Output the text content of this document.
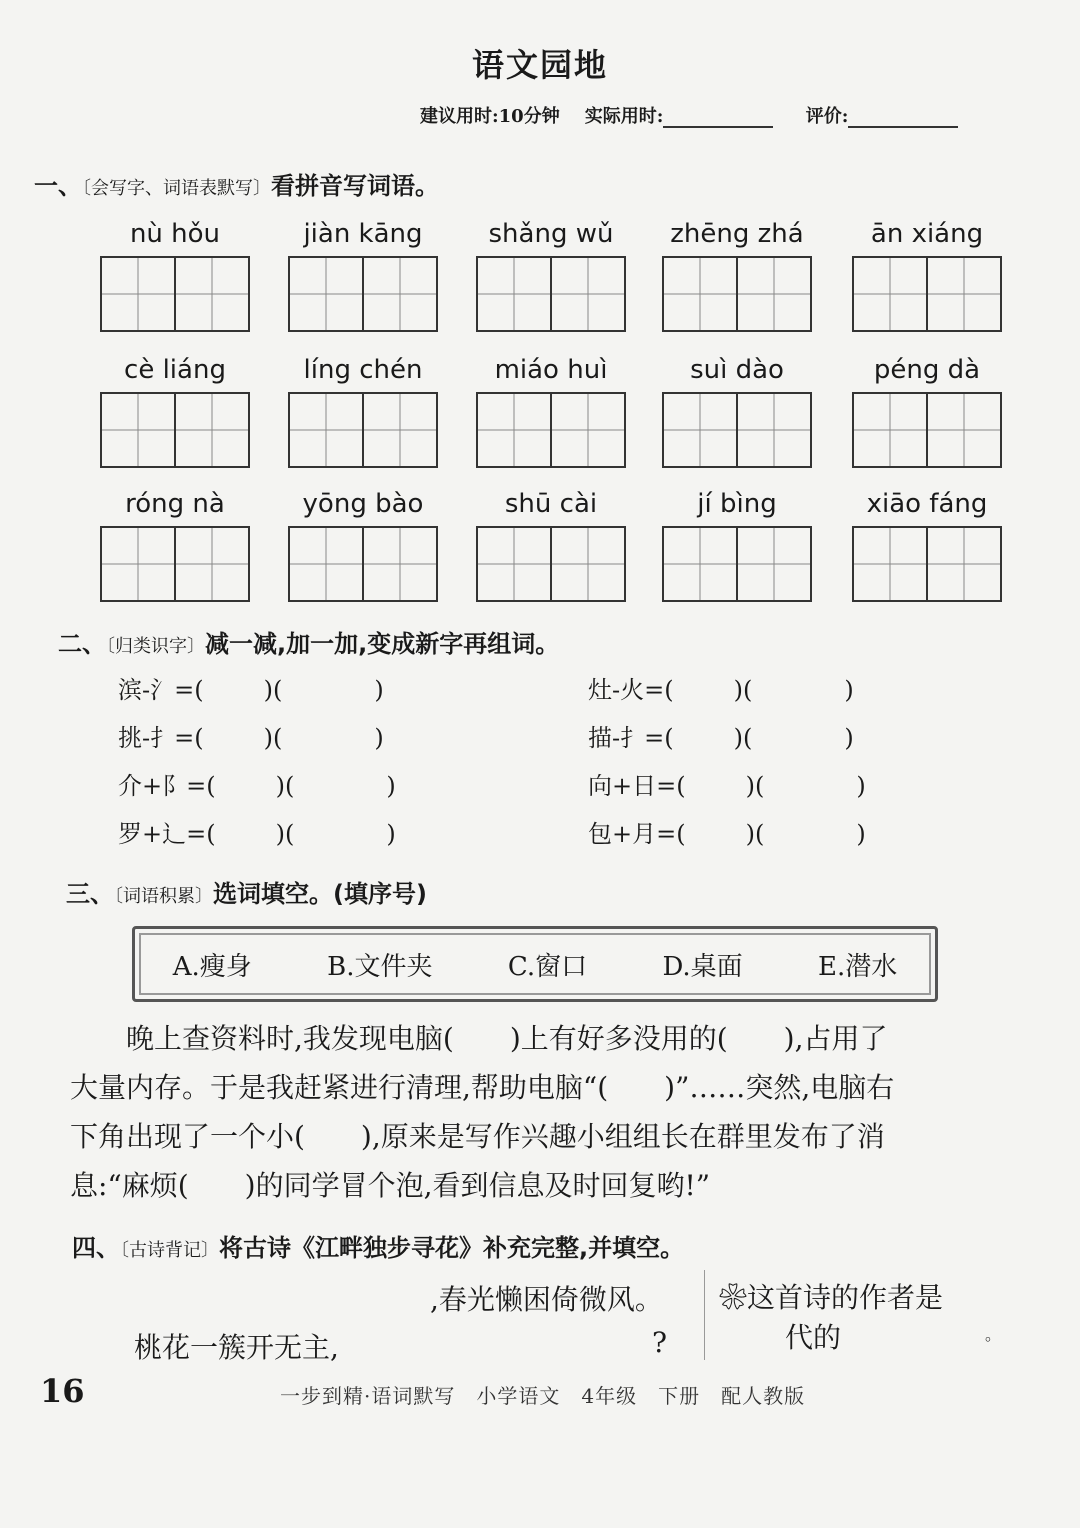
语文园地
建议用时:10分钟 实际用时:	评价:
一、〔会写字、词语表默写〕看拼音写词语。
nù hǒu	jiàn kāng	shǎng wǔ	zhēng zhá	ān xiáng
cè liáng	líng chén	miáo huì	suì dào	péng dà
róng nà	yōng bào	shū cài	jí bìng	xiāo fáng
二、〔归类识字〕减一减,加一加,变成新字再组词。
滨-氵=(	)(	)
挑-扌=(	)(	)
介+阝=(	)(	)
罗+辶=(	)(	)
灶-火=(	)(	)
描-扌=(	)(	)
向+日=(	)(	)
包+月=(	)(	)
三、〔词语积累〕选词填空。(填序号)
A.瘦身	B.文件夹	C.窗口	D.桌面	E.潜水

晚上查资料时,我发现电脑(　　)上有好多没用的(　　),占用了

大量内存。于是我赶紧进行清理,帮助电脑“(　　)”……突然,电脑右

下角出现了一个小(　　),原来是写作兴趣小组组长在群里发布了消

息:“麻烦(　　)的同学冒个泡,看到信息及时回复哟!”

四、〔古诗背记〕将古诗《江畔独步寻花》补充完整,并填空。
,春光懒困倚微风。
桃花一簇开无主,	?
❀这首诗的作者是
代的	。
16	一步到精·语词默写　小学语文　4年级　下册　配人教版
